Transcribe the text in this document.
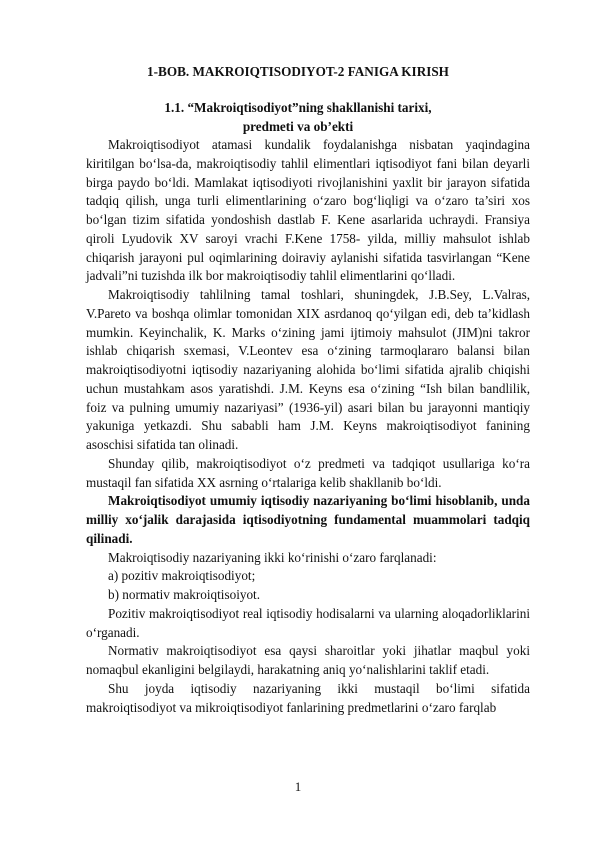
1-BOB. MAKROIQTISODIYOT-2 FANIGA KIRISH
1.1. “Makroiqtisodiyot”ning shakllanishi tarixi,
predmeti va ob’ekti

Makroiqtisodiyot atamasi kundalik foydalanishga nisbatan yaqindagina kiritilgan bo‘lsa-da, makroiqtisodiy tahlil elimentlari iqtisodiyot fani bilan deyarli birga paydo bo‘ldi. Mamlakat iqtisodiyoti rivojlanishini yaxlit bir jarayon sifatida tadqiq qilish, unga turli elimentlarining o‘zaro bog‘liqligi va o‘zaro ta’siri xos bo‘lgan tizim sifatida yondoshish dastlab F. Kene asarlarida uchraydi. Fransiya qiroli Lyudovik XV saroyi vrachi F.Kene 1758- yilda, milliy mahsulot ishlab chiqarish jarayoni pul oqimlarining doiraviy aylanishi sifatida tasvirlangan “Kene jadvali”ni tuzishda ilk bor makroiqtisodiy tahlil elimentlarini qo‘lladi.

Makroiqtisodiy tahlilning tamal toshlari, shuningdek, J.B.Sey, L.Valras, V.Pareto va boshqa olimlar tomonidan XIX asrdanoq qo‘yilgan edi, deb ta’kidlash mumkin. Keyinchalik, K. Marks o‘zining jami ijtimoiy mahsulot (JIM)ni takror ishlab chiqarish sxemasi, V.Leontev esa o‘zining tarmoqlararo balansi bilan makroiqtisodiyotni iqtisodiy nazariyaning alohida bo‘limi sifatida ajralib chiqishi uchun mustahkam asos yaratishdi. J.M. Keyns esa o‘zining “Ish bilan bandlilik, foiz va pulning umumiy nazariyasi” (1936-yil) asari bilan bu jarayonni mantiqiy yakuniga yetkazdi. Shu sababli ham J.M. Keyns makroiqtisodiyot fanining asoschisi sifatida tan olinadi.

Shunday qilib, makroiqtisodiyot o‘z predmeti va tadqiqot usullariga ko‘ra mustaqil fan sifatida XX asrning o‘rtalariga kelib shakllanib bo‘ldi.

Makroiqtisodiyot umumiy iqtisodiy nazariyaning bo‘limi hisoblanib, unda milliy xo‘jalik darajasida iqtisodiyotning fundamental muammolari tadqiq qilinadi.

Makroiqtisodiy nazariyaning ikki ko‘rinishi o‘zaro farqlanadi:

a) pozitiv makroiqtisodiyot;

b) normativ makroiqtisoiyot.

Pozitiv makroiqtisodiyot real iqtisodiy hodisalarni va ularning aloqadorliklarini o‘rganadi.

Normativ makroiqtisodiyot esa qaysi sharoitlar yoki jihatlar maqbul yoki nomaqbul ekanligini belgilaydi, harakatning aniq yo‘nalishlarini taklif etadi.

Shu joyda iqtisodiy nazariyaning ikki mustaqil bo‘limi sifatida makroiqtisodiyot va mikroiqtisodiyot fanlarining predmetlarini o‘zaro farqlab

1
